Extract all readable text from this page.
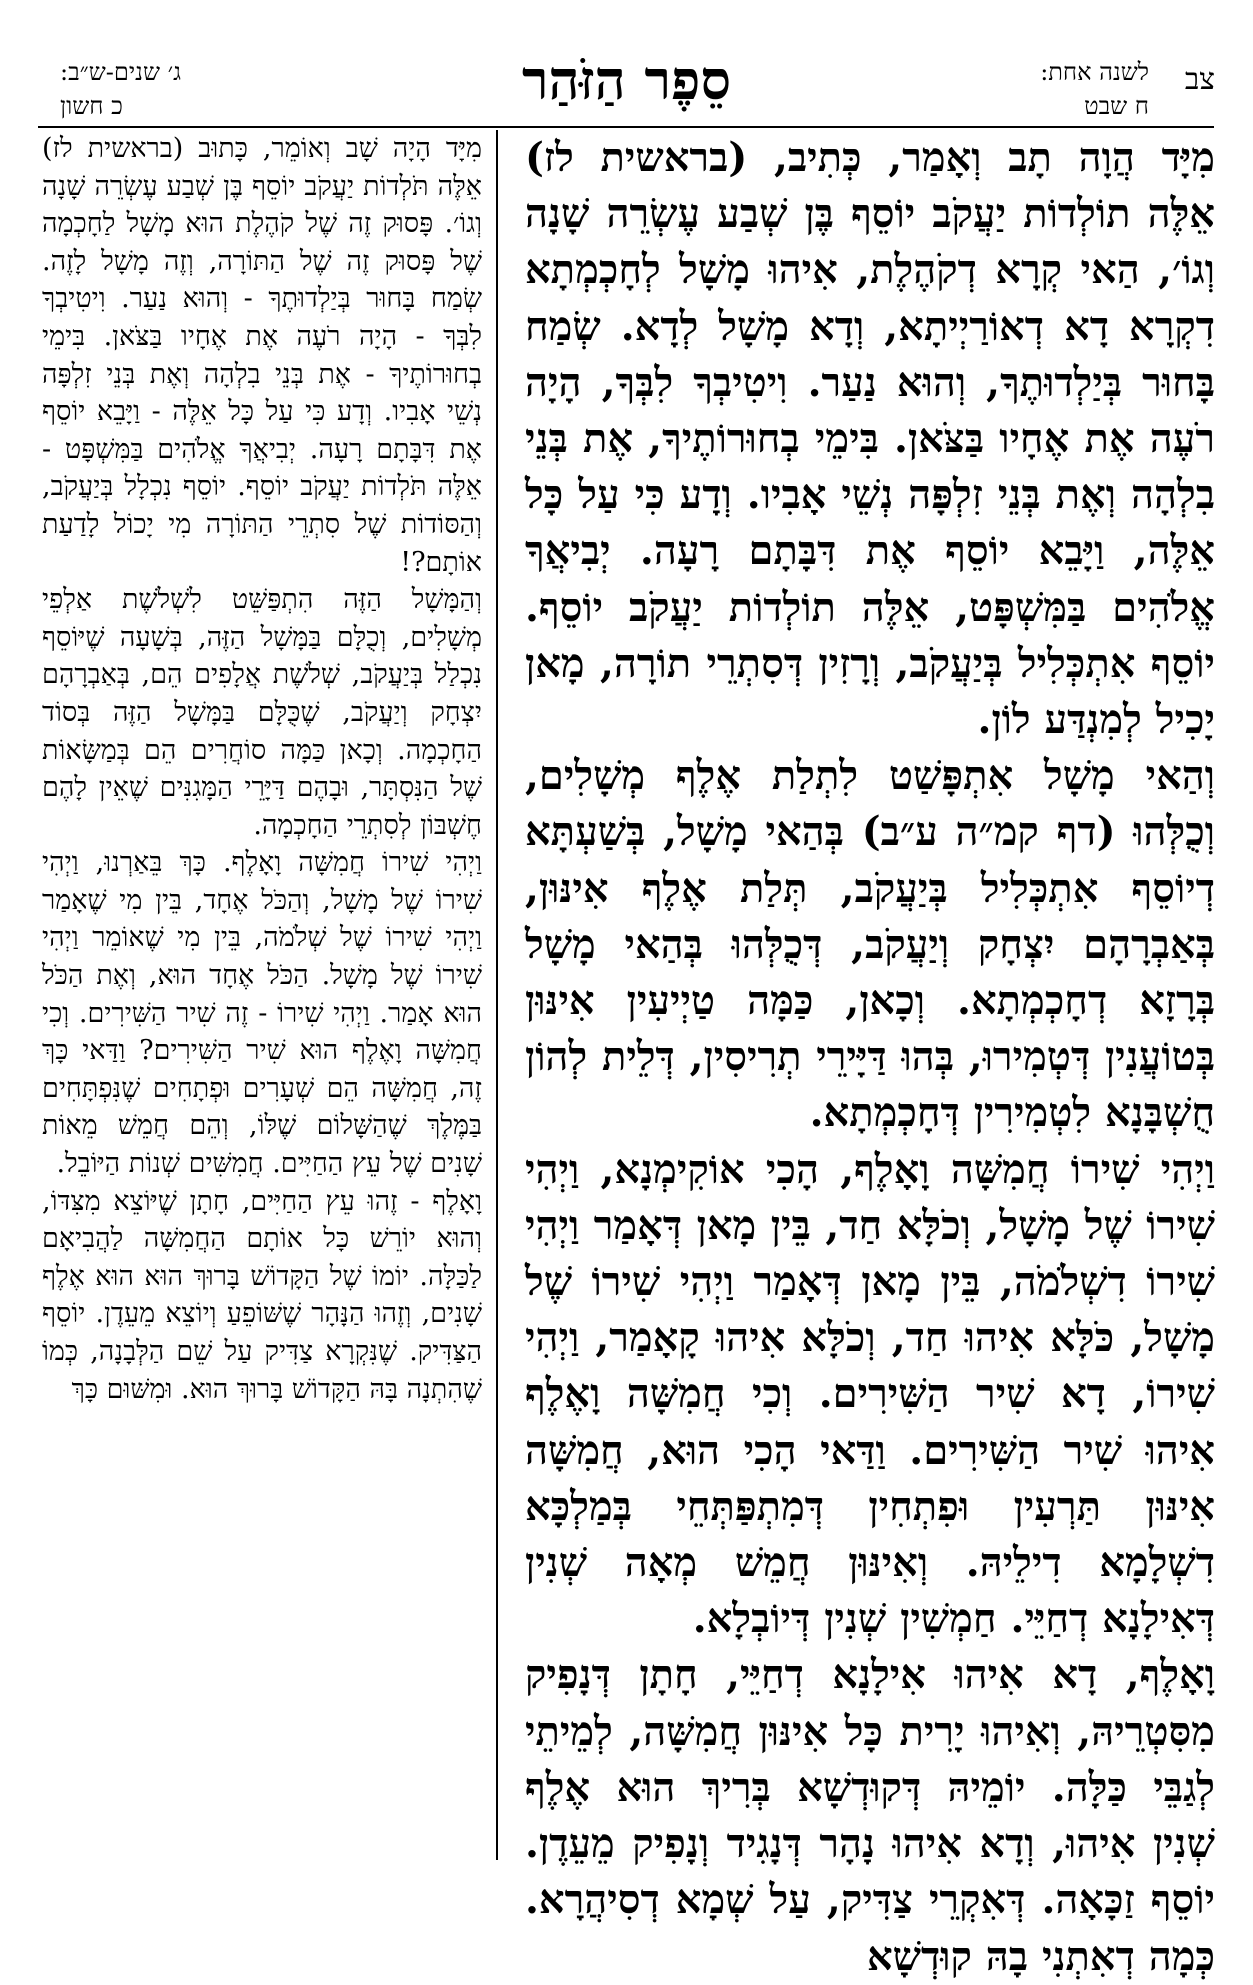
צב
לשנה אחת:
ח שבט
סֵפֶר הַזֹּהַר
ג׳ שנים-ש״ב:
כ חשון

מִיָּד הֲוָה תָב וְאָמַר, כְּתִיב, (בראשית לז) אֵלֶּה תוֹלְדוֹת יַעֲקֹב יוֹסֵף בֶּן שְׁבַע עֶשְׂרֵה שָׁנָה וְגוֹ׳, הַאי קְרָא דְקֹהֶלֶת, אִיהוּ מָשָׁל לְחָכְמְתָא דִקְרָא דָא דְאוֹרַיְיתָא, וְדָא מָשָׁל לְדָא. שְׂמַח בָּחוּר בְּיַלְדוּתֶךָ, וְהוּא נַעַר. וִיטִיבְךָ לִבְּךָ, הָיָה רֹעֶה אֶת אֶחָיו בַּצֹּאן. בִּימֵי בְחוּרוֹתֶיךָ, אֶת בְּנֵי בִלְהָה וְאֶת בְּנֵי זִלְפָּה נְשֵׁי אָבִיו. וְדָע כִּי עַל כָּל אֵלֶּה, וַיָּבֵא יוֹסֵף אֶת דִּבָּתָם רָעָה. יְבִיאֲךָ אֱלֹהִים בַּמִּשְׁפָּט, אֵלֶּה תוֹלְדוֹת יַעֲקֹב יוֹסֵף. יוֹסֵף אִתְכְּלִיל בְּיַעֲקֹב, וְרָזִין דְּסִתְרֵי תוֹרָה, מָאן יָכִיל לְמִנְדַּע לוֹן.

וְהַאי מָשָׁל אִתְפָּשַׁט לִתְלַת אֶלֶף מְשָׁלִים, וְכֻלְּהוּ (דף קמ״ה ע״ב) בְּהַאי מָשָׁל, בְּשַׁעְתָּא דְיוֹסֵף אִתְכְּלִיל בְּיַעֲקֹב, תְּלַת אֶלֶף אִינּוּן, בְּאַבְרָהָם יִצְחָק וְיַעֲקֹב, דְּכֻלְּהוּ בְּהַאי מָשָׁל בְּרָזָא דְחָכְמְתָא. וְכָאן, כַּמָּה טַיְיעִין אִינּוּן בְּטוֹעֲנִין דְּטְמִירוּ, בְּהוּ דַּיָּירֵי תְרִיסִין, דְּלֵית לְהוֹן חֻשְׁבָּנָא לִטְמִירִין דְּחָכְמְתָא.

וַיְהִי שִׁירוֹ חֲמִשָּׁה וָאָלֶף, הָכִי אוֹקִימְנָא, וַיְהִי שִׁירוֹ שֶׁל מָשָׁל, וְכֹלָּא חַד, בֵּין מָאן דְּאָמַר וַיְהִי שִׁירוֹ דִשְׁלֹמֹה, בֵּין מָאן דְּאָמַר וַיְהִי שִׁירוֹ שֶׁל מָשָׁל, כֹּלָּא אִיהוּ חַד, וְכֹלָּא אִיהוּ קָאָמַר, וַיְהִי שִׁירוֹ, דָא שִׁיר הַשִּׁירִים. וְכִי חֲמִשָּׁה וָאֶלֶף אִיהוּ שִׁיר הַשִּׁירִים. וַדַּאי הָכִי הוּא, חֲמִשָּׁה אִינּוּן תַּרְעִין וּפִתְחִין דְּמִתְפַּתְּחֵי בְּמַלְכָּא דִשְׁלָמָא דִילֵיהּ. וְאִינּוּן חֲמֵשׁ מְאָה שְׁנִין דְּאִילָנָא דְחַיֵּי. חַמְשִׁין שְׁנִין דְּיוֹבְלָא.

וָאָלֶף, דָא אִיהוּ אִילָנָא דְחַיֵּי, חָתָן דְּנָפִיק מִסִּטְרֵיהּ, וְאִיהוּ יָרִית כָּל אִינּוּן חֲמִשָּׁה, לְמֵיתֵי לְגַבֵּי כַּלָּה. יוֹמֵיהּ דְּקוּדְשָׁא בְּרִיךְ הוּא אֶלֶף שְׁנִין אִיהוּ, וְדָא אִיהוּ נָהָר דְּנָגִיד וְנָפִיק מֵעֵדֶן. יוֹסֵף זַכָּאָה. דְּאִקְרֵי צַדִּיק, עַל שְׁמָא דְסִיהֲרָא. כְּמָה דְאִתְנִי בָהּ קוּדְשָׁא

מִיָּד הָיָה שָׁב וְאוֹמֵר, כָּתוּב (בראשית לז) אֵלֶּה תֹּלְדוֹת יַעֲקֹב יוֹסֵף בֶּן שְׁבַע עֶשְׂרֵה שָׁנָה וְגוֹ׳. פָּסוּק זֶה שֶׁל קֹהֶלֶת הוּא מָשָׁל לַחָכְמָה שֶׁל פָּסוּק זֶה שֶׁל הַתּוֹרָה, וְזֶה מָשָׁל לָזֶה. שְׂמַח בָּחוּר בְּיַלְדוּתֶךָ - וְהוּא נַעַר. וִיטִיבְךָ לִבְּךָ - הָיָה רֹעֶה אֶת אֶחָיו בַּצֹּאן. בִּימֵי בְחוּרוֹתֶיךָ - אֶת בְּנֵי בִלְהָה וְאֶת בְּנֵי זִלְפָּה נְשֵׁי אָבִיו. וְדָע כִּי עַל כָּל אֵלֶּה - וַיָּבֵא יוֹסֵף אֶת דִּבָּתָם רָעָה. יְבִיאֲךָ אֱלֹהִים בַּמִּשְׁפָּט - אֵלֶּה תֹּלְדוֹת יַעֲקֹב יוֹסֵף. יוֹסֵף נִכְלָל בְּיַעֲקֹב, וְהַסּוֹדוֹת שֶׁל סִתְרֵי הַתּוֹרָה מִי יָכוֹל לָדַעַת אוֹתָם?!

וְהַמָּשָׁל הַזֶּה הִתְפַּשֵּׁט לִשְׁלֹשֶׁת אַלְפֵי מְשָׁלִים, וְכֻלָּם בַּמָּשָׁל הַזֶּה, בְּשָׁעָה שֶׁיּוֹסֵף נִכְלַל בְּיַעֲקֹב, שְׁלֹשֶׁת אֲלָפִים הֵם, בְּאַבְרָהָם יִצְחָק וְיַעֲקֹב, שֶׁכֻּלָּם בַּמָּשָׁל הַזֶּה בְּסוֹד הַחָכְמָה. וְכָאן כַּמָּה סוֹחֲרִים הֵם בְּמַשָּׂאוֹת שֶׁל הַנִּסְתָּר, וּבָהֶם דַּיָּרֵי הַמָּגִנִּים שֶׁאֵין לָהֶם חֶשְׁבּוֹן לְסִתְרֵי הַחָכְמָה.

וַיְהִי שִׁירוֹ חֲמִשָּׁה וָאָלֶף. כָּךְ בֵּאַרְנוּ, וַיְהִי שִׁירוֹ שֶׁל מָשָׁל, וְהַכֹּל אֶחָד, בֵּין מִי שֶׁאָמַר וַיְהִי שִׁירוֹ שֶׁל שְׁלֹמֹה, בֵּין מִי שֶׁאוֹמֵר וַיְהִי שִׁירוֹ שֶׁל מָשָׁל. הַכֹּל אֶחָד הוּא, וְאֶת הַכֹּל הוּא אָמַר. וַיְהִי שִׁירוֹ - זֶה שִׁיר הַשִּׁירִים. וְכִי חֲמִשָּׁה וָאֶלֶף הוּא שִׁיר הַשִּׁירִים? וַדַּאי כָּךְ זֶה, חֲמִשָּׁה הֵם שְׁעָרִים וּפְתָחִים שֶׁנִּפְתָּחִים בַּמֶּלֶךְ שֶׁהַשָּׁלוֹם שֶׁלּוֹ, וְהֵם חֲמֵשׁ מֵאוֹת שָׁנִים שֶׁל עֵץ הַחַיִּים. חֲמִשִּׁים שְׁנוֹת הַיּוֹבֵל.

וָאָלֶף - זֶהוּ עֵץ הַחַיִּים, חָתָן שֶׁיּוֹצֵא מִצִּדּוֹ, וְהוּא יוֹרֵשׁ כָּל אוֹתָם הַחֲמִשָּׁה לַהֲבִיאָם לַכַּלָּה. יוֹמוֹ שֶׁל הַקָּדוֹשׁ בָּרוּךְ הוּא הוּא אֶלֶף שָׁנִים, וְזֶהוּ הַנָּהָר שֶׁשּׁוֹפֵעַ וְיוֹצֵא מֵעֵדֶן. יוֹסֵף הַצַּדִּיק. שֶׁנִּקְרָא צַדִּיק עַל שֵׁם הַלְּבָנָה, כְּמוֹ שֶׁהִתְנָה בָּהּ הַקָּדוֹשׁ בָּרוּךְ הוּא. וּמִשּׁוּם כָּךְ
